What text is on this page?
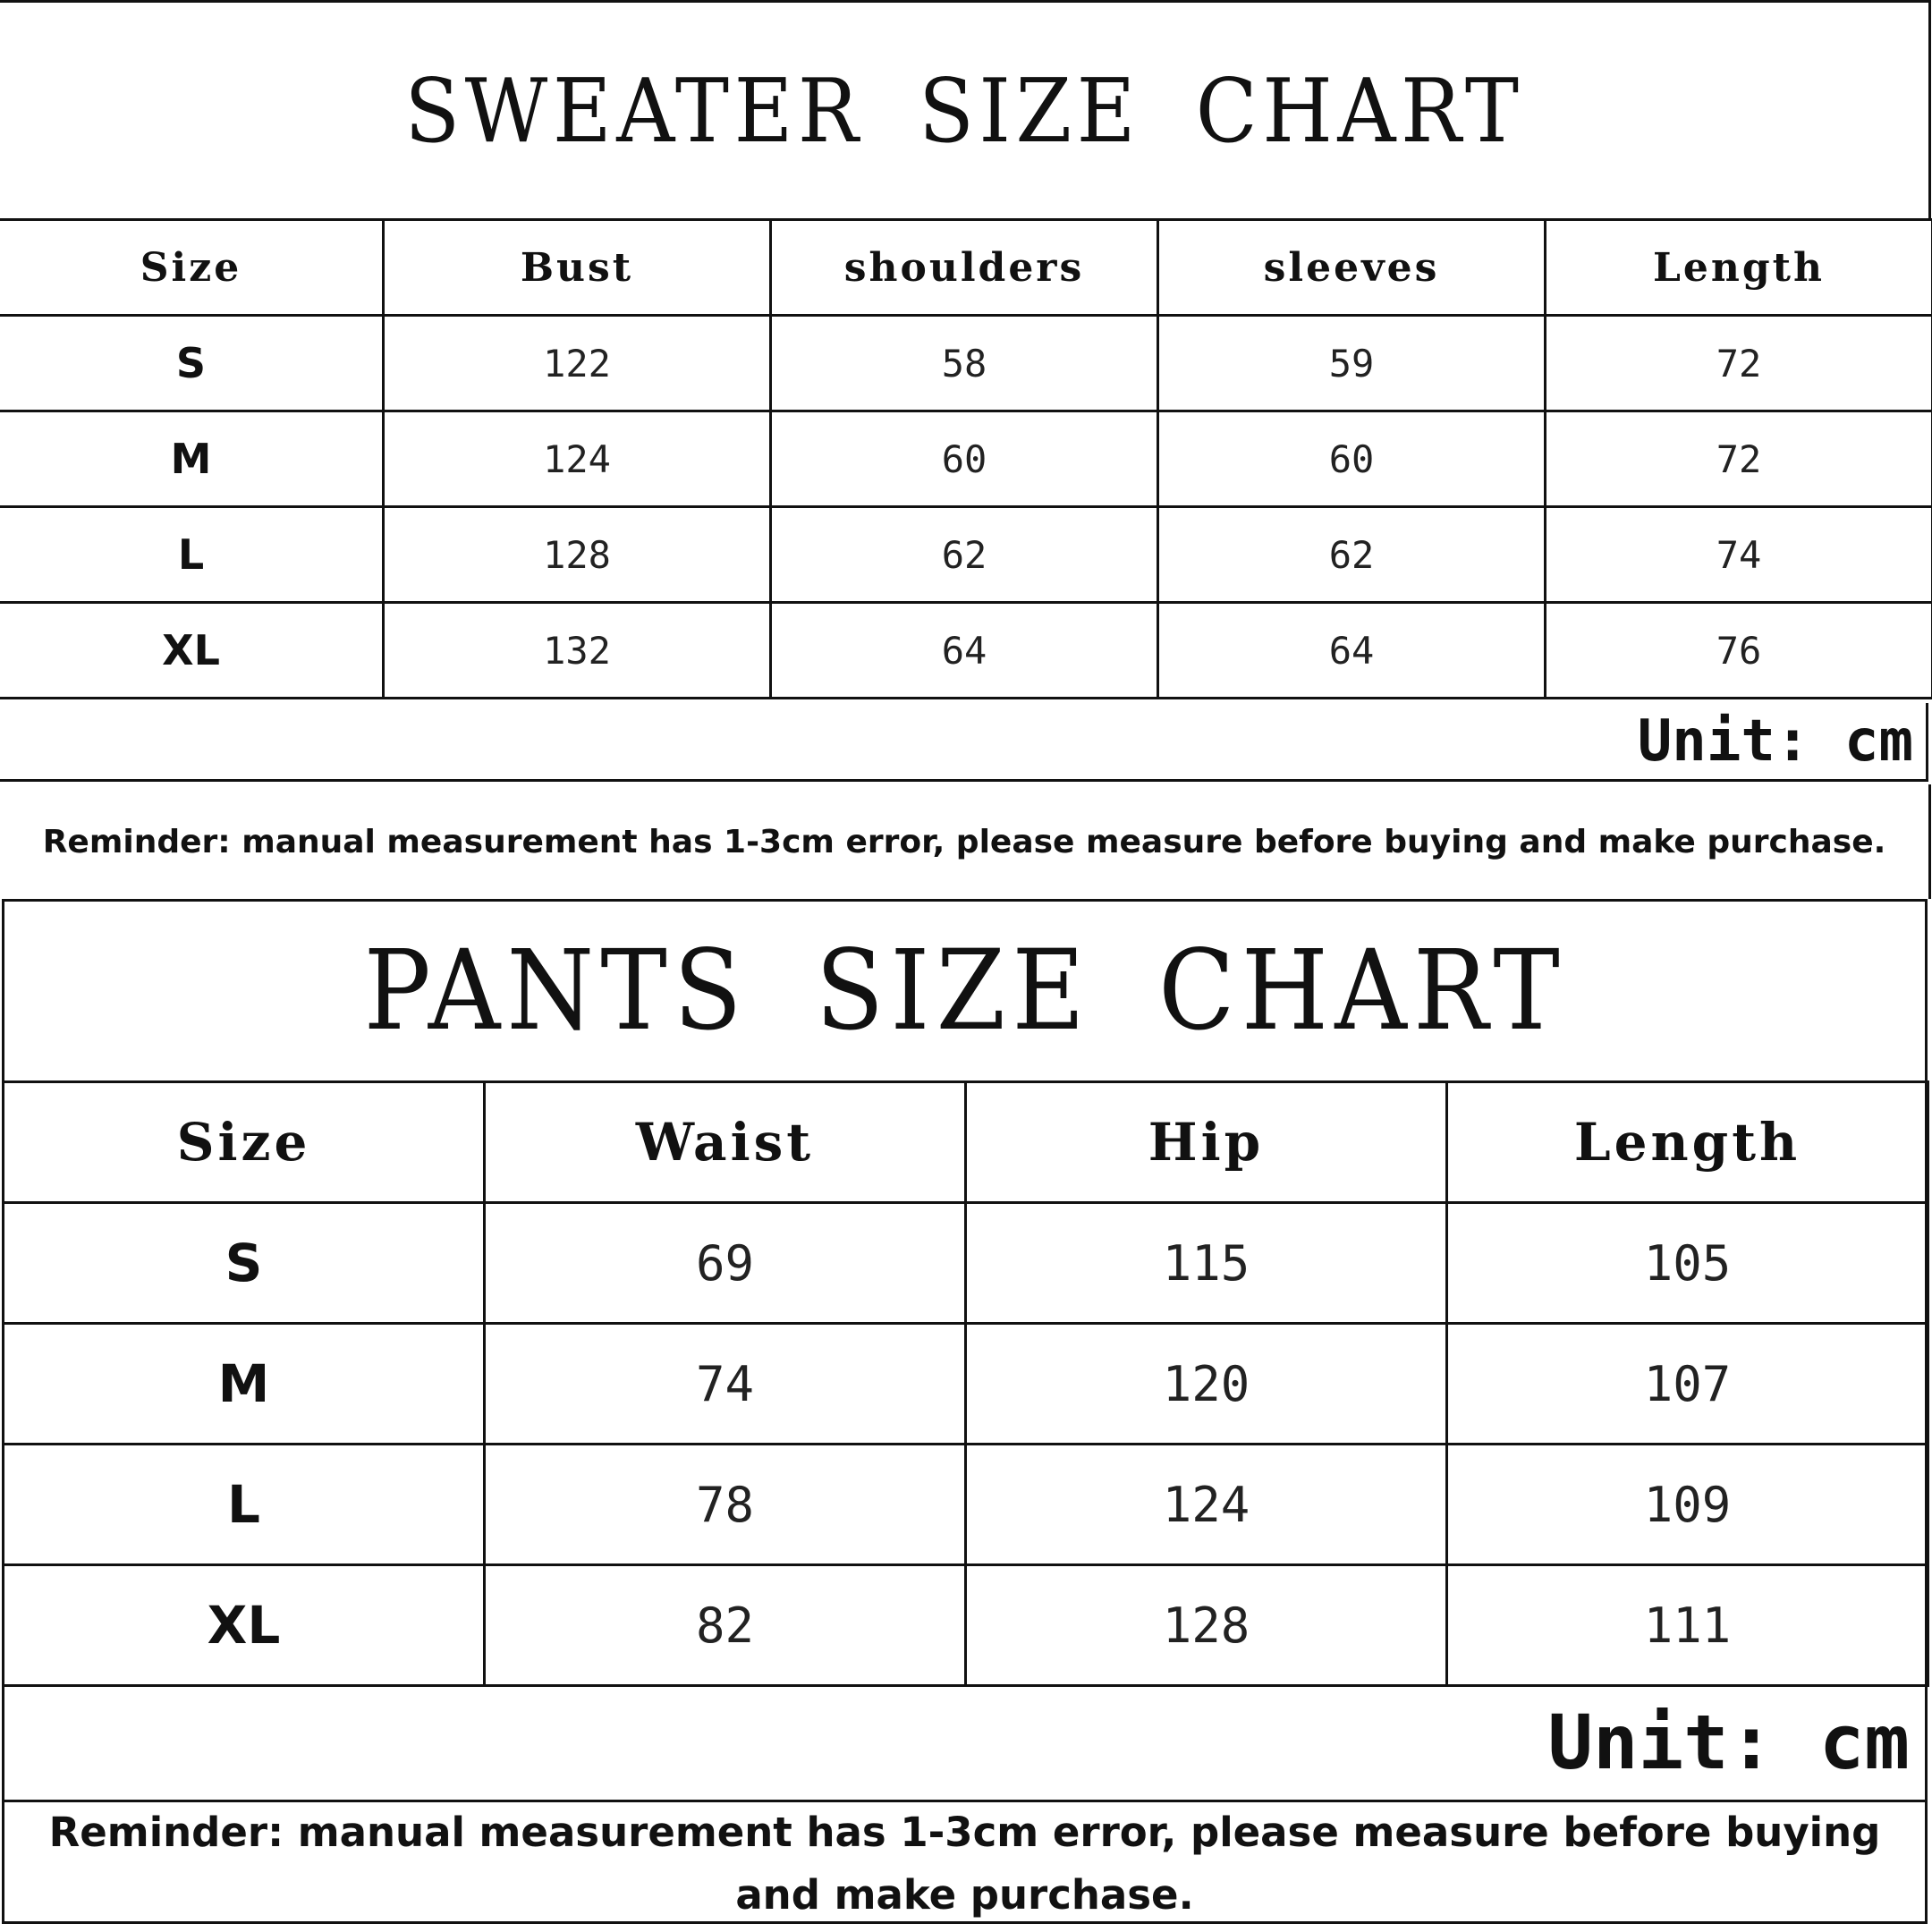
SWEATER SIZE CHART
Size	Bust	shoulders	sleeves	Length
S	122	58	59	72
M	124	60	60	72
L	128	62	62	74
XL	132	64	64	76
Unit: cm
Reminder: manual measurement has 1-3cm error, please measure before buying and make purchase.
PANTS SIZE CHART
Size	Waist	Hip	Length
S	69	115	105
M	74	120	107
L	78	124	109
XL	82	128	111
Unit: cm
Reminder: manual measurement has 1-3cm error, please measure before buying and make purchase.
